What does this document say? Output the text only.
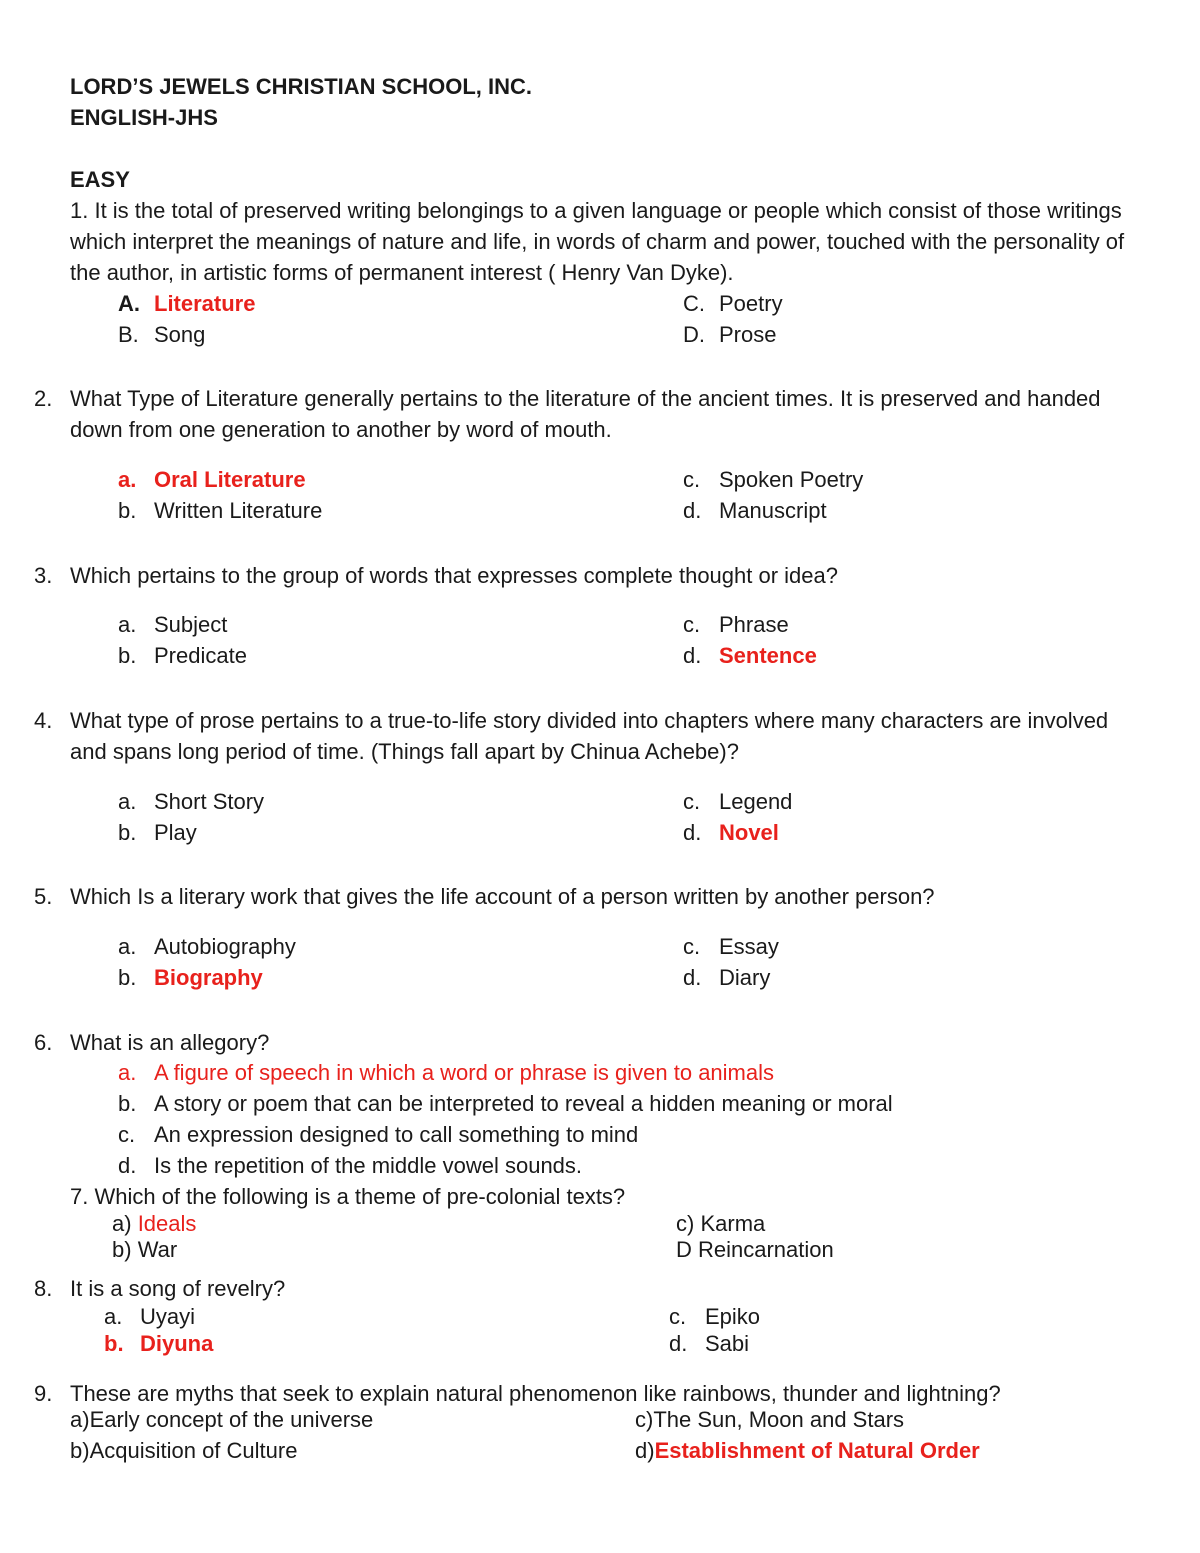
LORD’S JEWELS CHRISTIAN SCHOOL, INC.
ENGLISH-JHS
EASY
1. It is the total of preserved writing belongings to a given language or people which consist of those writings which interpret the meanings of nature and life, in words of charm and power, touched with the personality of the author, in artistic forms of permanent interest ( Henry Van Dyke).
A. Literature
B. Song
C. Poetry
D. Prose
2. What Type of Literature generally pertains to the literature of the ancient times. It is preserved and handed down from one generation to another by word of mouth.
a. Oral Literature
b. Written Literature
c. Spoken Poetry
d. Manuscript
3. Which pertains to the group of words that expresses complete thought or idea?
a. Subject
b. Predicate
c. Phrase
d. Sentence
4. What type of prose pertains to a true-to-life story divided into chapters where many characters are involved and spans long period of time. (Things fall apart by Chinua Achebe)?
a. Short Story
b. Play
c. Legend
d. Novel
5. Which Is a literary work that gives the life account of a person written by another person?
a. Autobiography
b. Biography
c. Essay
d. Diary
6. What is an allegory?
a. A figure of speech in which a word or phrase is given to animals
b. A story or poem that can be interpreted to reveal a hidden meaning or moral
c. An expression designed to call something to mind
d. Is the repetition of the middle vowel sounds.
7. Which of the following is a theme of pre-colonial texts?
a) Ideals
b) War
c) Karma
D Reincarnation
8. It is a song of revelry?
a. Uyayi
b. Diyuna
c. Epiko
d. Sabi
9. These are myths that seek to explain natural phenomenon like rainbows, thunder and lightning?
a)Early concept of the universe
b)Acquisition of Culture
c)The Sun, Moon and Stars
d)Establishment of Natural Order
